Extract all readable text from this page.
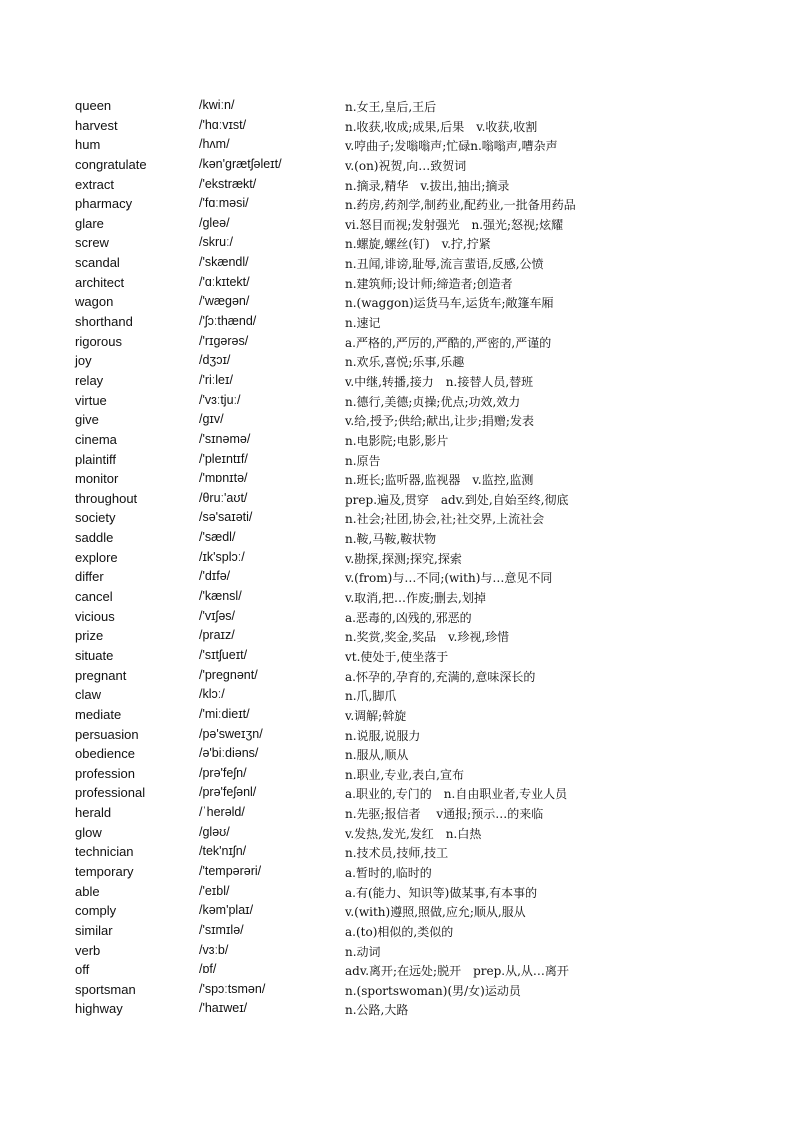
queen	/kwiːn/	n.女王,皇后,王后
harvest	/'hɑːvɪst/	n.收获,收成;成果,后果　v.收获,收割
hum	/hʌm/	v.哼曲子;发嗡嗡声;忙碌n.嗡嗡声,嘈杂声
congratulate	/kən'grætʃəleɪt/	v.(on)祝贺,向…致贺词
extract	/'ekstrækt/	n.摘录,精华　v.拔出,抽出;摘录
pharmacy	/'fɑːməsi/	n.药房,药剂学,制药业,配药业,一批备用药品
glare	/gleə/	vi.怒目而视;发射强光　n.强光;怒视;炫耀
screw	/skruː/	n.螺旋,螺丝(钉)　v.拧,拧紧
scandal	/'skændl/	n.丑闻,诽谤,耻辱,流言蜚语,反感,公愤
architect	/'ɑːkɪtekt/	n.建筑师;设计师;缔造者;创造者
wagon	/'wægən/	n.(waggon)运货马车,运货车;敞篷车厢
shorthand	/'ʃɔːthænd/	n.速记
rigorous	/'rɪgərəs/	a.严格的,严厉的,严酷的,严密的,严谨的
joy	/dʒɔɪ/	n.欢乐,喜悦;乐事,乐趣
relay	/'riːleɪ/	v.中继,转播,接力　n.接替人员,替班
virtue	/'vɜːtjuː/	n.德行,美德;贞操;优点;功效,效力
give	/gɪv/	v.给,授予;供给;献出,让步;捐赠;发表
cinema	/'sɪnəmə/	n.电影院;电影,影片
plaintiff	/'pleɪntɪf/	n.原告
monitor	/'mɒnɪtə/	n.班长;监听器,监视器　v.监控,监测
throughout	/θruː'aʊt/	prep.遍及,贯穿　adv.到处,自始至终,彻底
society	/sə'saɪəti/	n.社会;社团,协会,社;社交界,上流社会
saddle	/'sædl/	n.鞍,马鞍,鞍状物
explore	/ɪk'splɔː/	v.勘探,探测;探究,探索
differ	/'dɪfə/	v.(from)与…不同;(with)与…意见不同
cancel	/'kænsl/	v.取消,把…作废;删去,划掉
vicious	/'vɪʃəs/	a.恶毒的,凶残的,邪恶的
prize	/praɪz/	n.奖赏,奖金,奖品　v.珍视,珍惜
situate	/'sɪtʃueɪt/	vt.使处于,使坐落于
pregnant	/'pregnənt/	a.怀孕的,孕育的,充满的,意味深长的
claw	/klɔː/	n.爪,脚爪
mediate	/'miːdieɪt/	v.调解;斡旋
persuasion	/pə'sweɪʒn/	n.说服,说服力
obedience	/ə'biːdiəns/	n.服从,顺从
profession	/prə'feʃn/	n.职业,专业,表白,宣布
professional	/prə'feʃənl/	a.职业的,专门的　n.自由职业者,专业人员
herald	/ˈherəld/	n.先驱;报信者　 v通报;预示…的来临
glow	/gləʊ/	v.发热,发光,发红　n.白热
technician	/tek'nɪʃn/	n.技术员,技师,技工
temporary	/'tempərəri/	a.暂时的,临时的
able	/'eɪbl/	a.有(能力、知识等)做某事,有本事的
comply	/kəm'plaɪ/	v.(with)遵照,照做,应允;顺从,服从
similar	/'sɪmɪlə/	a.(to)相似的,类似的
verb	/vɜːb/	n.动词
off	/ɒf/	adv.离开;在远处;脱开　prep.从,从…离开
sportsman	/'spɔːtsmən/	n.(sportswoman)(男/女)运动员
highway	/'haɪweɪ/	n.公路,大路
